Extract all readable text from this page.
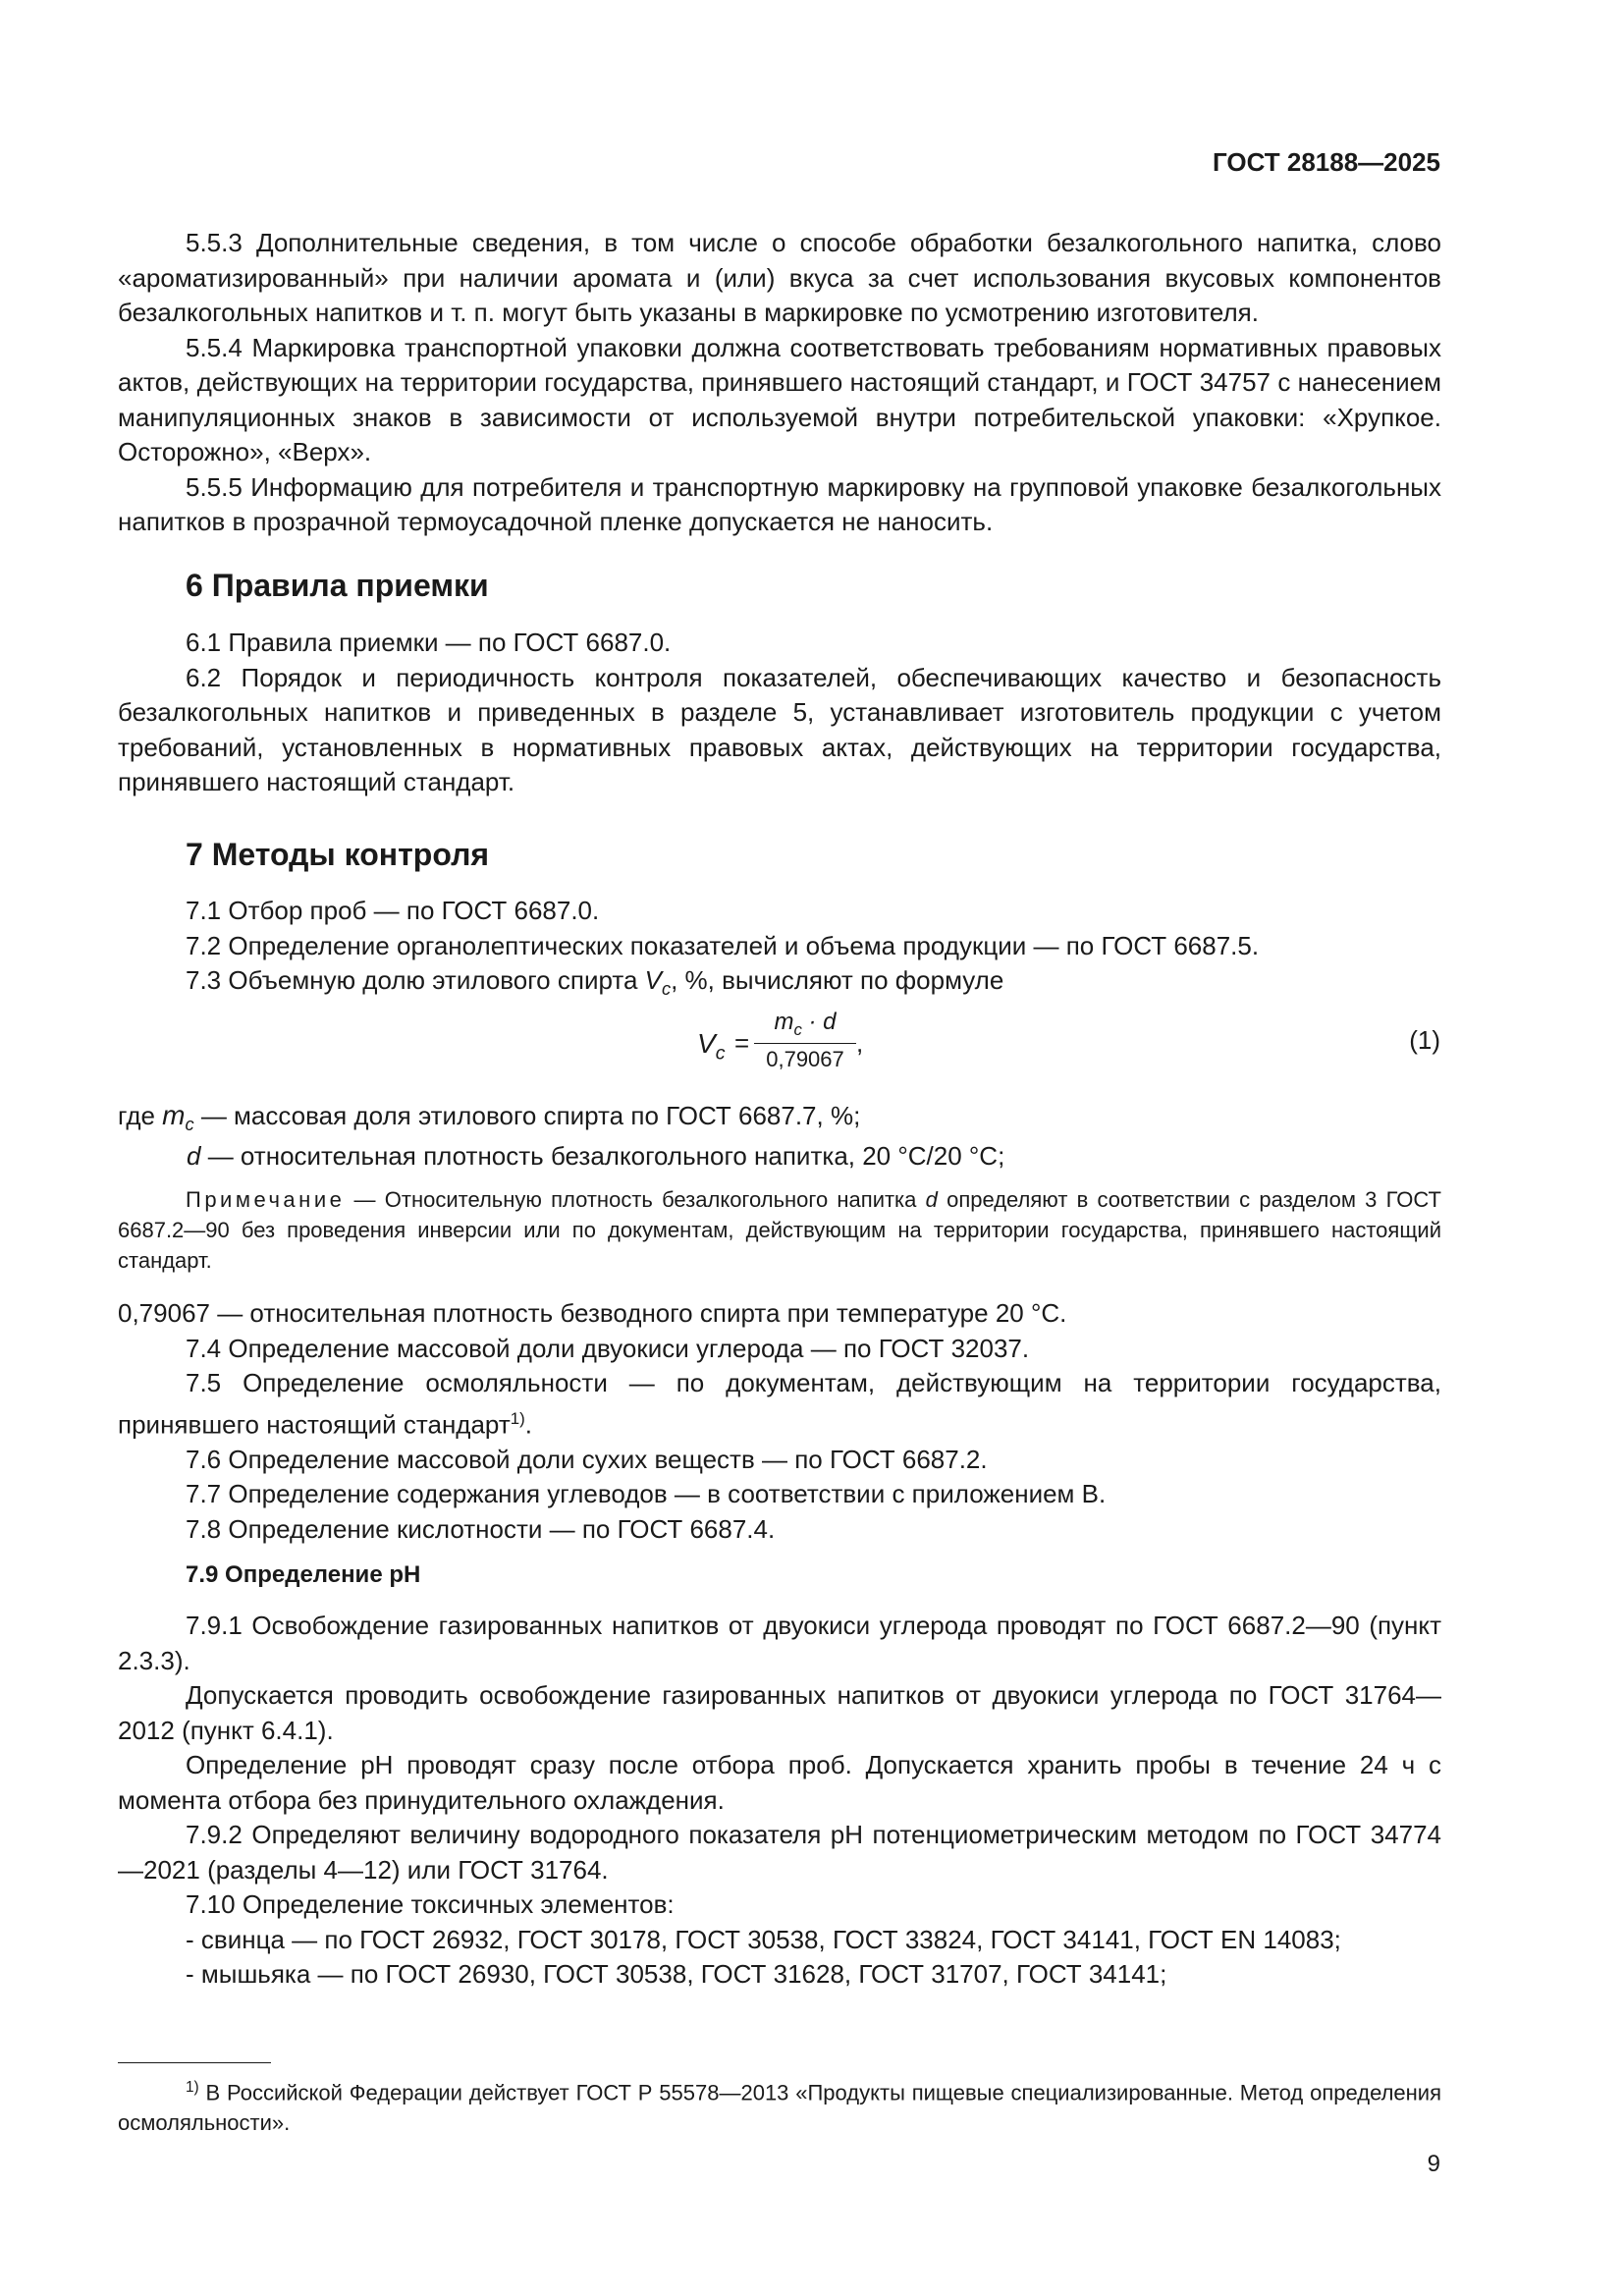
ГОСТ 28188—2025

5.5.3 Дополнительные сведения, в том числе о способе обработки безалкогольного напитка, слово «ароматизированный» при наличии аромата и (или) вкуса за счет использования вкусовых компонентов безалкогольных напитков и т. п. могут быть указаны в маркировке по усмотрению изготовителя.

5.5.4 Маркировка транспортной упаковки должна соответствовать требованиям нормативных правовых актов, действующих на территории государства, принявшего настоящий стандарт, и ГОСТ 34757 с нанесением манипуляционных знаков в зависимости от используемой внутри потребительской упаковки: «Хрупкое. Осторожно», «Верх».

5.5.5 Информацию для потребителя и транспортную маркировку на групповой упаковке безалкогольных напитков в прозрачной термоусадочной пленке допускается не наносить.

6 Правила приемки

6.1 Правила приемки — по ГОСТ 6687.0.

6.2 Порядок и периодичность контроля показателей, обеспечивающих качество и безопасность безалкогольных напитков и приведенных в разделе 5, устанавливает изготовитель продукции с учетом требований, установленных в нормативных правовых актах, действующих на территории государства, принявшего настоящий стандарт.

7 Методы контроля

7.1 Отбор проб — по ГОСТ 6687.0.

7.2 Определение органолептических показателей и объема продукции — по ГОСТ 6687.5.

7.3 Объемную долю этилового спирта $V_c$, %, вычисляют по формуле

$V_c = \frac{m_c \cdot d}{0,79067}$ ,	(1)
где $m_c$ — массовая доля этилового спирта по ГОСТ 6687.7, %;
d — относительная плотность безалкогольного напитка, 20 °С/20 °С;

Примечание — Относительную плотность безалкогольного напитка d определяют в соответствии с разделом 3 ГОСТ 6687.2—90 без проведения инверсии или по документам, действующим на территории государства, принявшего настоящий стандарт.

0,79067 — относительная плотность безводного спирта при температуре 20 °С.

7.4 Определение массовой доли двуокиси углерода — по ГОСТ 32037.

7.5 Определение осмоляльности — по документам, действующим на территории государства, принявшего настоящий стандарт$^{1)}$.

7.6 Определение массовой доли сухих веществ — по ГОСТ 6687.2.

7.7 Определение содержания углеводов — в соответствии с приложением В.

7.8 Определение кислотности — по ГОСТ 6687.4.

7.9 Определение рН

7.9.1 Освобождение газированных напитков от двуокиси углерода проводят по ГОСТ 6687.2—90 (пункт 2.3.3).

Допускается проводить освобождение газированных напитков от двуокиси углерода по ГОСТ 31764—2012 (пункт 6.4.1).

Определение рН проводят сразу после отбора проб. Допускается хранить пробы в течение 24 ч с момента отбора без принудительного охлаждения.

7.9.2 Определяют величину водородного показателя рН потенциометрическим методом по ГОСТ 34774—2021 (разделы 4—12) или ГОСТ 31764.

7.10 Определение токсичных элементов:

- свинца — по ГОСТ 26932, ГОСТ 30178, ГОСТ 30538, ГОСТ 33824, ГОСТ 34141, ГОСТ EN 14083;

- мышьяка — по ГОСТ 26930, ГОСТ 30538, ГОСТ 31628, ГОСТ 31707, ГОСТ 34141;

$^{1)}$ В Российской Федерации действует ГОСТ Р 55578—2013 «Продукты пищевые специализированные. Метод определения осмоляльности».

9
